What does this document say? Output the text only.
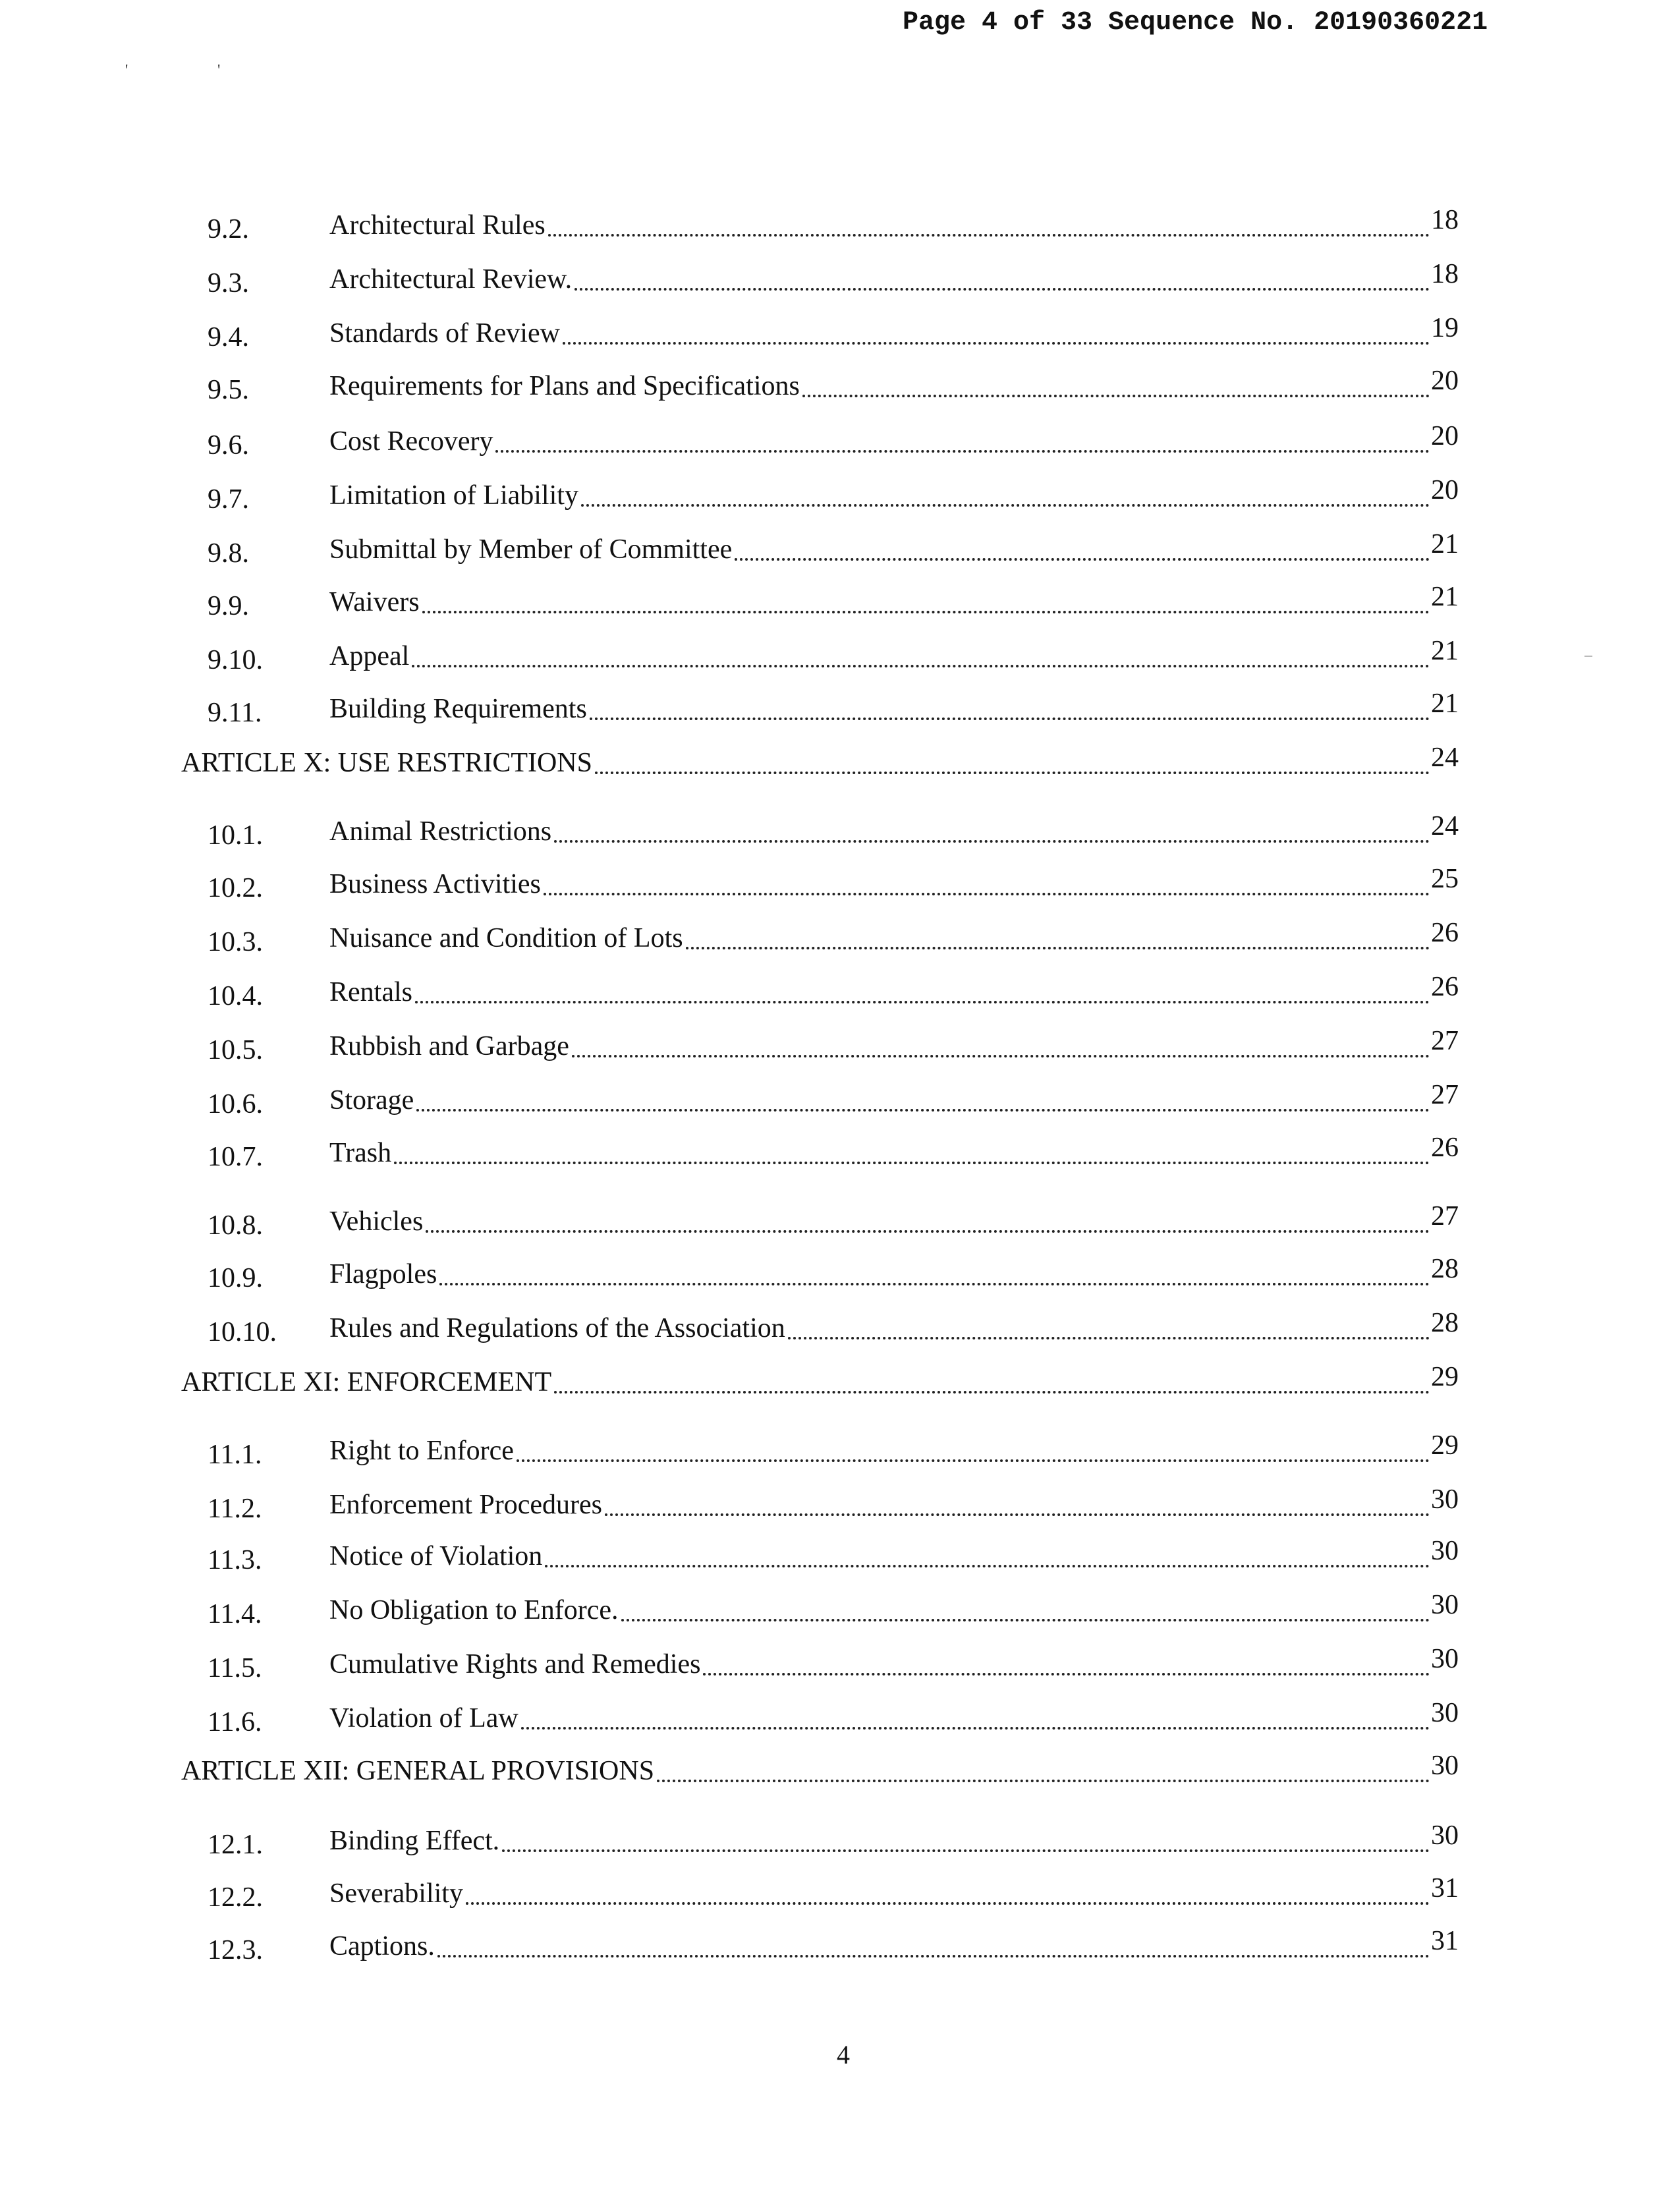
Page 4 of 33 Sequence No. 20190360221
'	'
9.2.	Architectural Rules	18
9.3.	Architectural Review.	18
9.4.	Standards of Review	19
9.5.	Requirements for Plans and Specifications	20
9.6.	Cost Recovery	20
9.7.	Limitation of Liability	20
9.8.	Submittal by Member of Committee	21
9.9.	Waivers	21
9.10. Appeal	21
9.11. Building Requirements	21
ARTICLE X: USE RESTRICTIONS	24
10.1. Animal Restrictions	24
10.2. Business Activities	25
10.3. Nuisance and Condition of Lots	26
10.4. Rentals	26
10.5. Rubbish and Garbage	27
10.6. Storage	27
10.7. Trash	26
10.8. Vehicles	27
10.9. Flagpoles	28
10.10. Rules and Regulations of the Association	28
ARTICLE XI: ENFORCEMENT	29
11.1. Right to Enforce	29
11.2. Enforcement Procedures	30
11.3. Notice of Violation	30
11.4. No Obligation to Enforce.	30
11.5. Cumulative Rights and Remedies	30
11.6. Violation of Law	30
ARTICLE XII: GENERAL PROVISIONS	30
12.1. Binding Effect.	30
12.2. Severability	31
12.3. Captions.	31
4
